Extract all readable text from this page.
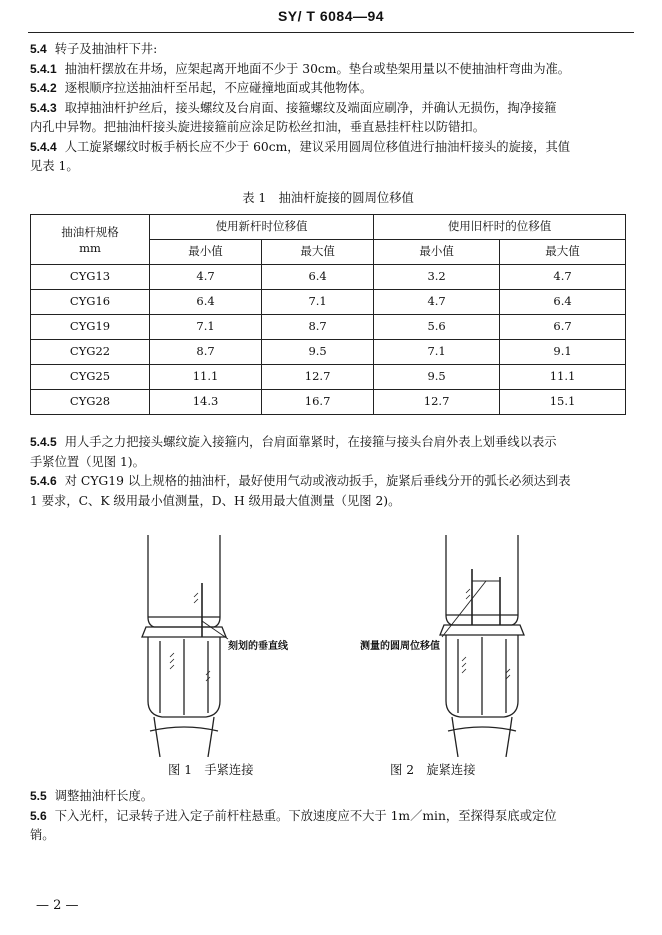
SY/ T 6084—94

5.4 转子及抽油杆下井:

5.4.1 抽油杆摆放在井场，应架起离开地面不少于 30cm。垫台或垫架用量以不使抽油杆弯曲为准。

5.4.2 逐根顺序拉送抽油杆至吊起，不应碰撞地面或其他物体。

5.4.3 取掉抽油杆护丝后，接头螺纹及台肩面、接箍螺纹及端面应刷净，并确认无损伤，掏净接箍

内孔中异物。把抽油杆接头旋进接箍前应涂足防松丝扣油，垂直悬挂杆柱以防错扣。

5.4.4 人工旋紧螺纹时板手柄长应不少于 60cm，建议采用圆周位移值进行抽油杆接头的旋接，其值

见表 1。

表 1　抽油杆旋接的圆周位移值
抽油杆规格
mm	使用新杆时位移值		使用旧杆时的位移值	
	最小值	最大值	最小值	最大值
CYG13	4.7	6.4	3.2	4.7
CYG16	6.4	7.1	4.7	6.4
CYG19	7.1	8.7	5.6	6.7
CYG22	8.7	9.5	7.1	9.1
CYG25	11.1	12.7	9.5	11.1
CYG28	14.3	16.7	12.7	15.1

5.4.5 用人手之力把接头螺纹旋入接箍内，台肩面靠紧时，在接箍与接头台肩外表上划垂线以表示

手紧位置（见图 1)。

5.4.6 对 CYG19 以上规格的抽油杆，最好使用气动或液动扳手，旋紧后垂线分开的弧长必须达到表

1 要求，C、K 级用最小值测量，D、H 级用最大值测量（见图 2)。

刻划的垂直线	测量的圆周位移值
图 1　手紧连接	图 2　旋紧连接

5.5 调整抽油杆长度。

5.6 下入光杆，记录转子进入定子前杆柱悬重。下放速度应不大于 1m／min，至探得泵底或定位

销。

— 2 —
